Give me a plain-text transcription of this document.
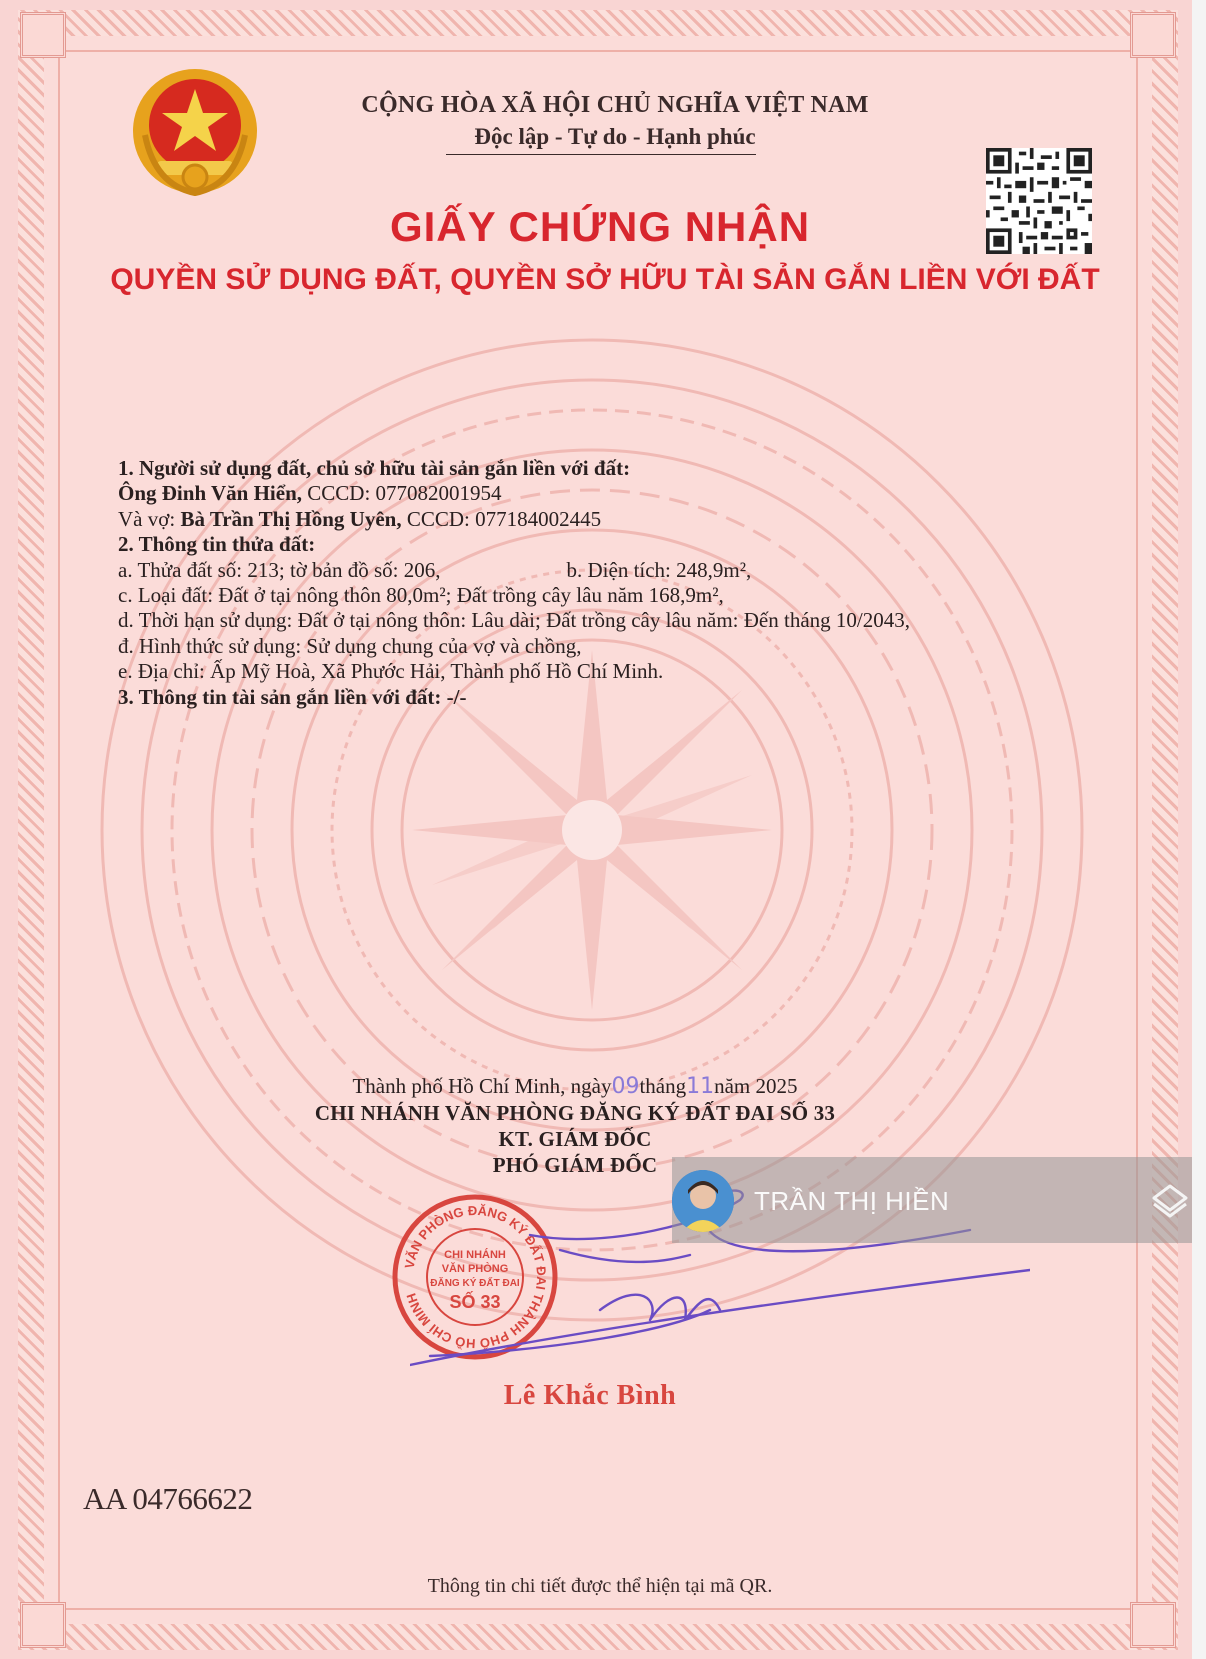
CỘNG HÒA XÃ HỘI CHỦ NGHĨA VIỆT NAM
Độc lập - Tự do - Hạnh phúc
GIẤY CHỨNG NHẬN
QUYỀN SỬ DỤNG ĐẤT, QUYỀN SỞ HỮU TÀI SẢN GẮN LIỀN VỚI ĐẤT
1. Người sử dụng đất, chủ sở hữu tài sản gắn liền với đất:
Ông Đinh Văn Hiển, CCCD: 077082001954
Và vợ: Bà Trần Thị Hồng Uyên, CCCD: 077184002445
2. Thông tin thửa đất:
a. Thửa đất số: 213; tờ bản đồ số: 206,	b. Diện tích: 248,9m²,
c. Loại đất: Đất ở tại nông thôn 80,0m²; Đất trồng cây lâu năm 168,9m²,
d. Thời hạn sử dụng: Đất ở tại nông thôn: Lâu dài; Đất trồng cây lâu năm: Đến tháng 10/2043,
đ. Hình thức sử dụng: Sử dụng chung của vợ và chồng,
e. Địa chỉ: Ấp Mỹ Hoà, Xã Phước Hải, Thành phố Hồ Chí Minh.
3. Thông tin tài sản gắn liền với đất: -/-
Thành phố Hồ Chí Minh, ngày09tháng11năm 2025
CHI NHÁNH VĂN PHÒNG ĐĂNG KÝ ĐẤT ĐAI SỐ 33
KT. GIÁM ĐỐC
PHÓ GIÁM ĐỐC
VĂN PHÒNG ĐĂNG KÝ ĐẤT ĐAI THÀNH PHỐ HỒ CHÍ MINH
CHI NHÁNH
VĂN PHÒNG
ĐĂNG KÝ ĐẤT ĐAI
SỐ 33
Lê Khắc Bình
AA 04766622
Thông tin chi tiết được thể hiện tại mã QR.
TRẦN THỊ HIỀN
